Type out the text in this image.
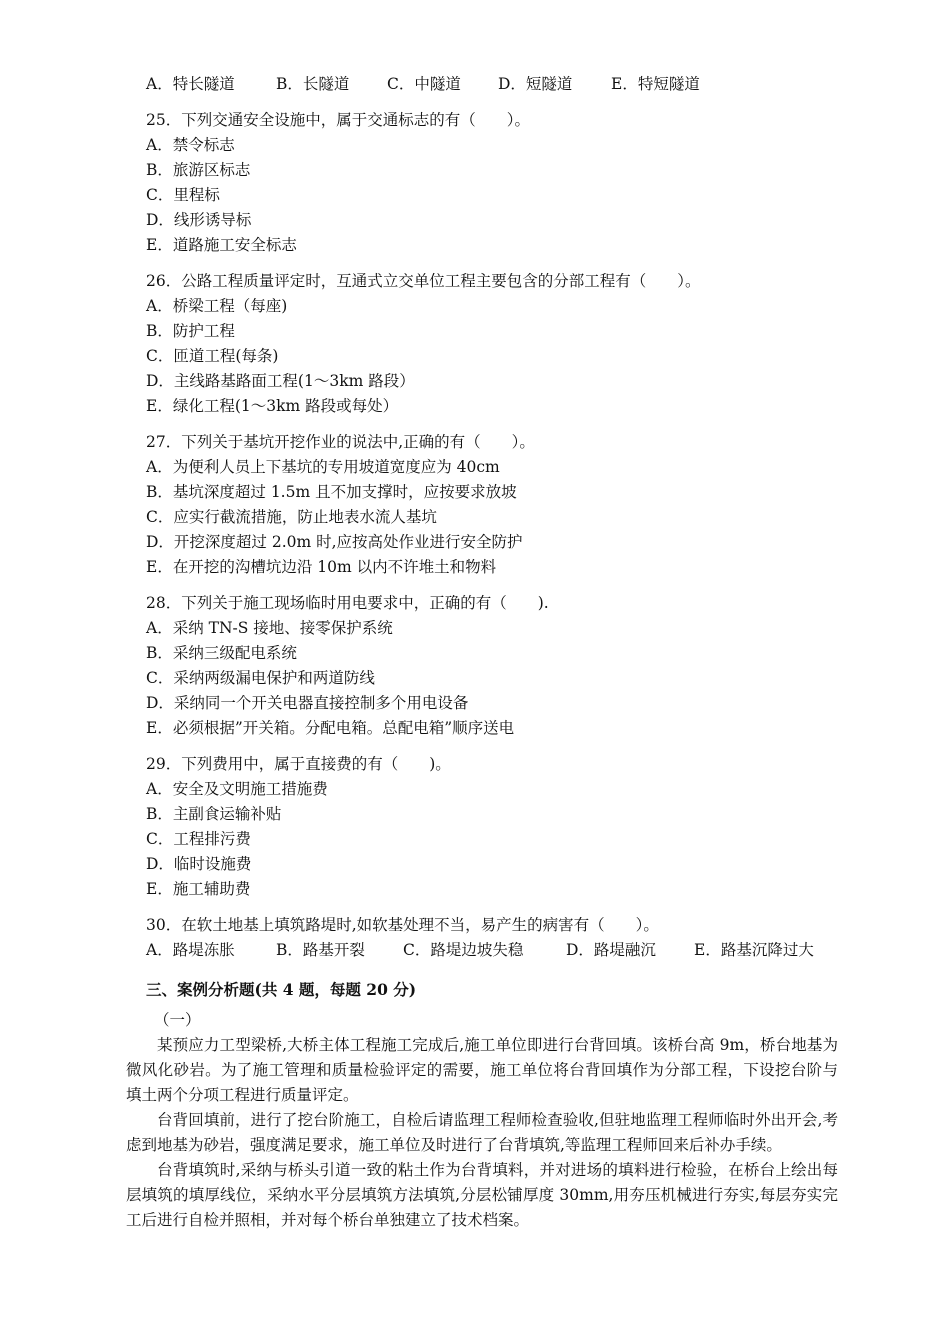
A．特长隧道	B．长隧道	C．中隧道	D．短隧道	E．特短隧道
25．下列交通安全设施中，属于交通标志的有（　　）。
A．禁令标志
B．旅游区标志
C．里程标
D．线形诱导标
E．道路施工安全标志
26．公路工程质量评定时，互通式立交单位工程主要包含的分部工程有（　　）。
A．桥梁工程（每座)
B．防护工程
C．匝道工程(每条)
D．主线路基路面工程(1～3km 路段）
E．绿化工程(1～3km 路段或每处）
27．下列关于基坑开挖作业的说法中,正确的有（　　）。
A．为便利人员上下基坑的专用坡道宽度应为 40cm
B．基坑深度超过 1.5m 且不加支撑时，应按要求放坡
C．应实行截流措施，防止地表水流人基坑
D．开挖深度超过 2.0m 时,应按高处作业进行安全防护
E．在开挖的沟槽坑边沿 10m 以内不许堆土和物料
28．下列关于施工现场临时用电要求中，正确的有（　　).
A．采纳 TN-S 接地、接零保护系统
B．采纳三级配电系统
C．采纳两级漏电保护和两道防线
D．采纳同一个开关电器直接控制多个用电设备
E．必须根据”开关箱。分配电箱。总配电箱”顺序送电
29．下列费用中，属于直接费的有（　　)。
A．安全及文明施工措施费
B．主副食运输补贴
C．工程排污费
D．临时设施费
E．施工辅助费
30．在软土地基上填筑路堤时,如软基处理不当，易产生的病害有（　　）。
A．路堤冻胀	B．路基开裂	C．路堤边坡失稳	D．路堤融沉	E．路基沉降过大
三、案例分析题(共 4 题，每题 20 分)
（一）

某预应力工型梁桥,大桥主体工程施工完成后,施工单位即进行台背回填。该桥台高 9m，桥台地基为微风化砂岩。为了施工管理和质量检验评定的需要，施工单位将台背回填作为分部工程，下设挖台阶与填土两个分项工程进行质量评定。

台背回填前，进行了挖台阶施工，自检后请监理工程师检查验收,但驻地监理工程师临时外出开会,考虑到地基为砂岩，强度满足要求，施工单位及时进行了台背填筑,等监理工程师回来后补办手续。

台背填筑时,采纳与桥头引道一致的粘土作为台背填料，并对进场的填料进行检验，在桥台上绘出每层填筑的填厚线位，采纳水平分层填筑方法填筑,分层松铺厚度 30mm,用夯压机械进行夯实,每层夯实完工后进行自检并照相，并对每个桥台单独建立了技术档案。
